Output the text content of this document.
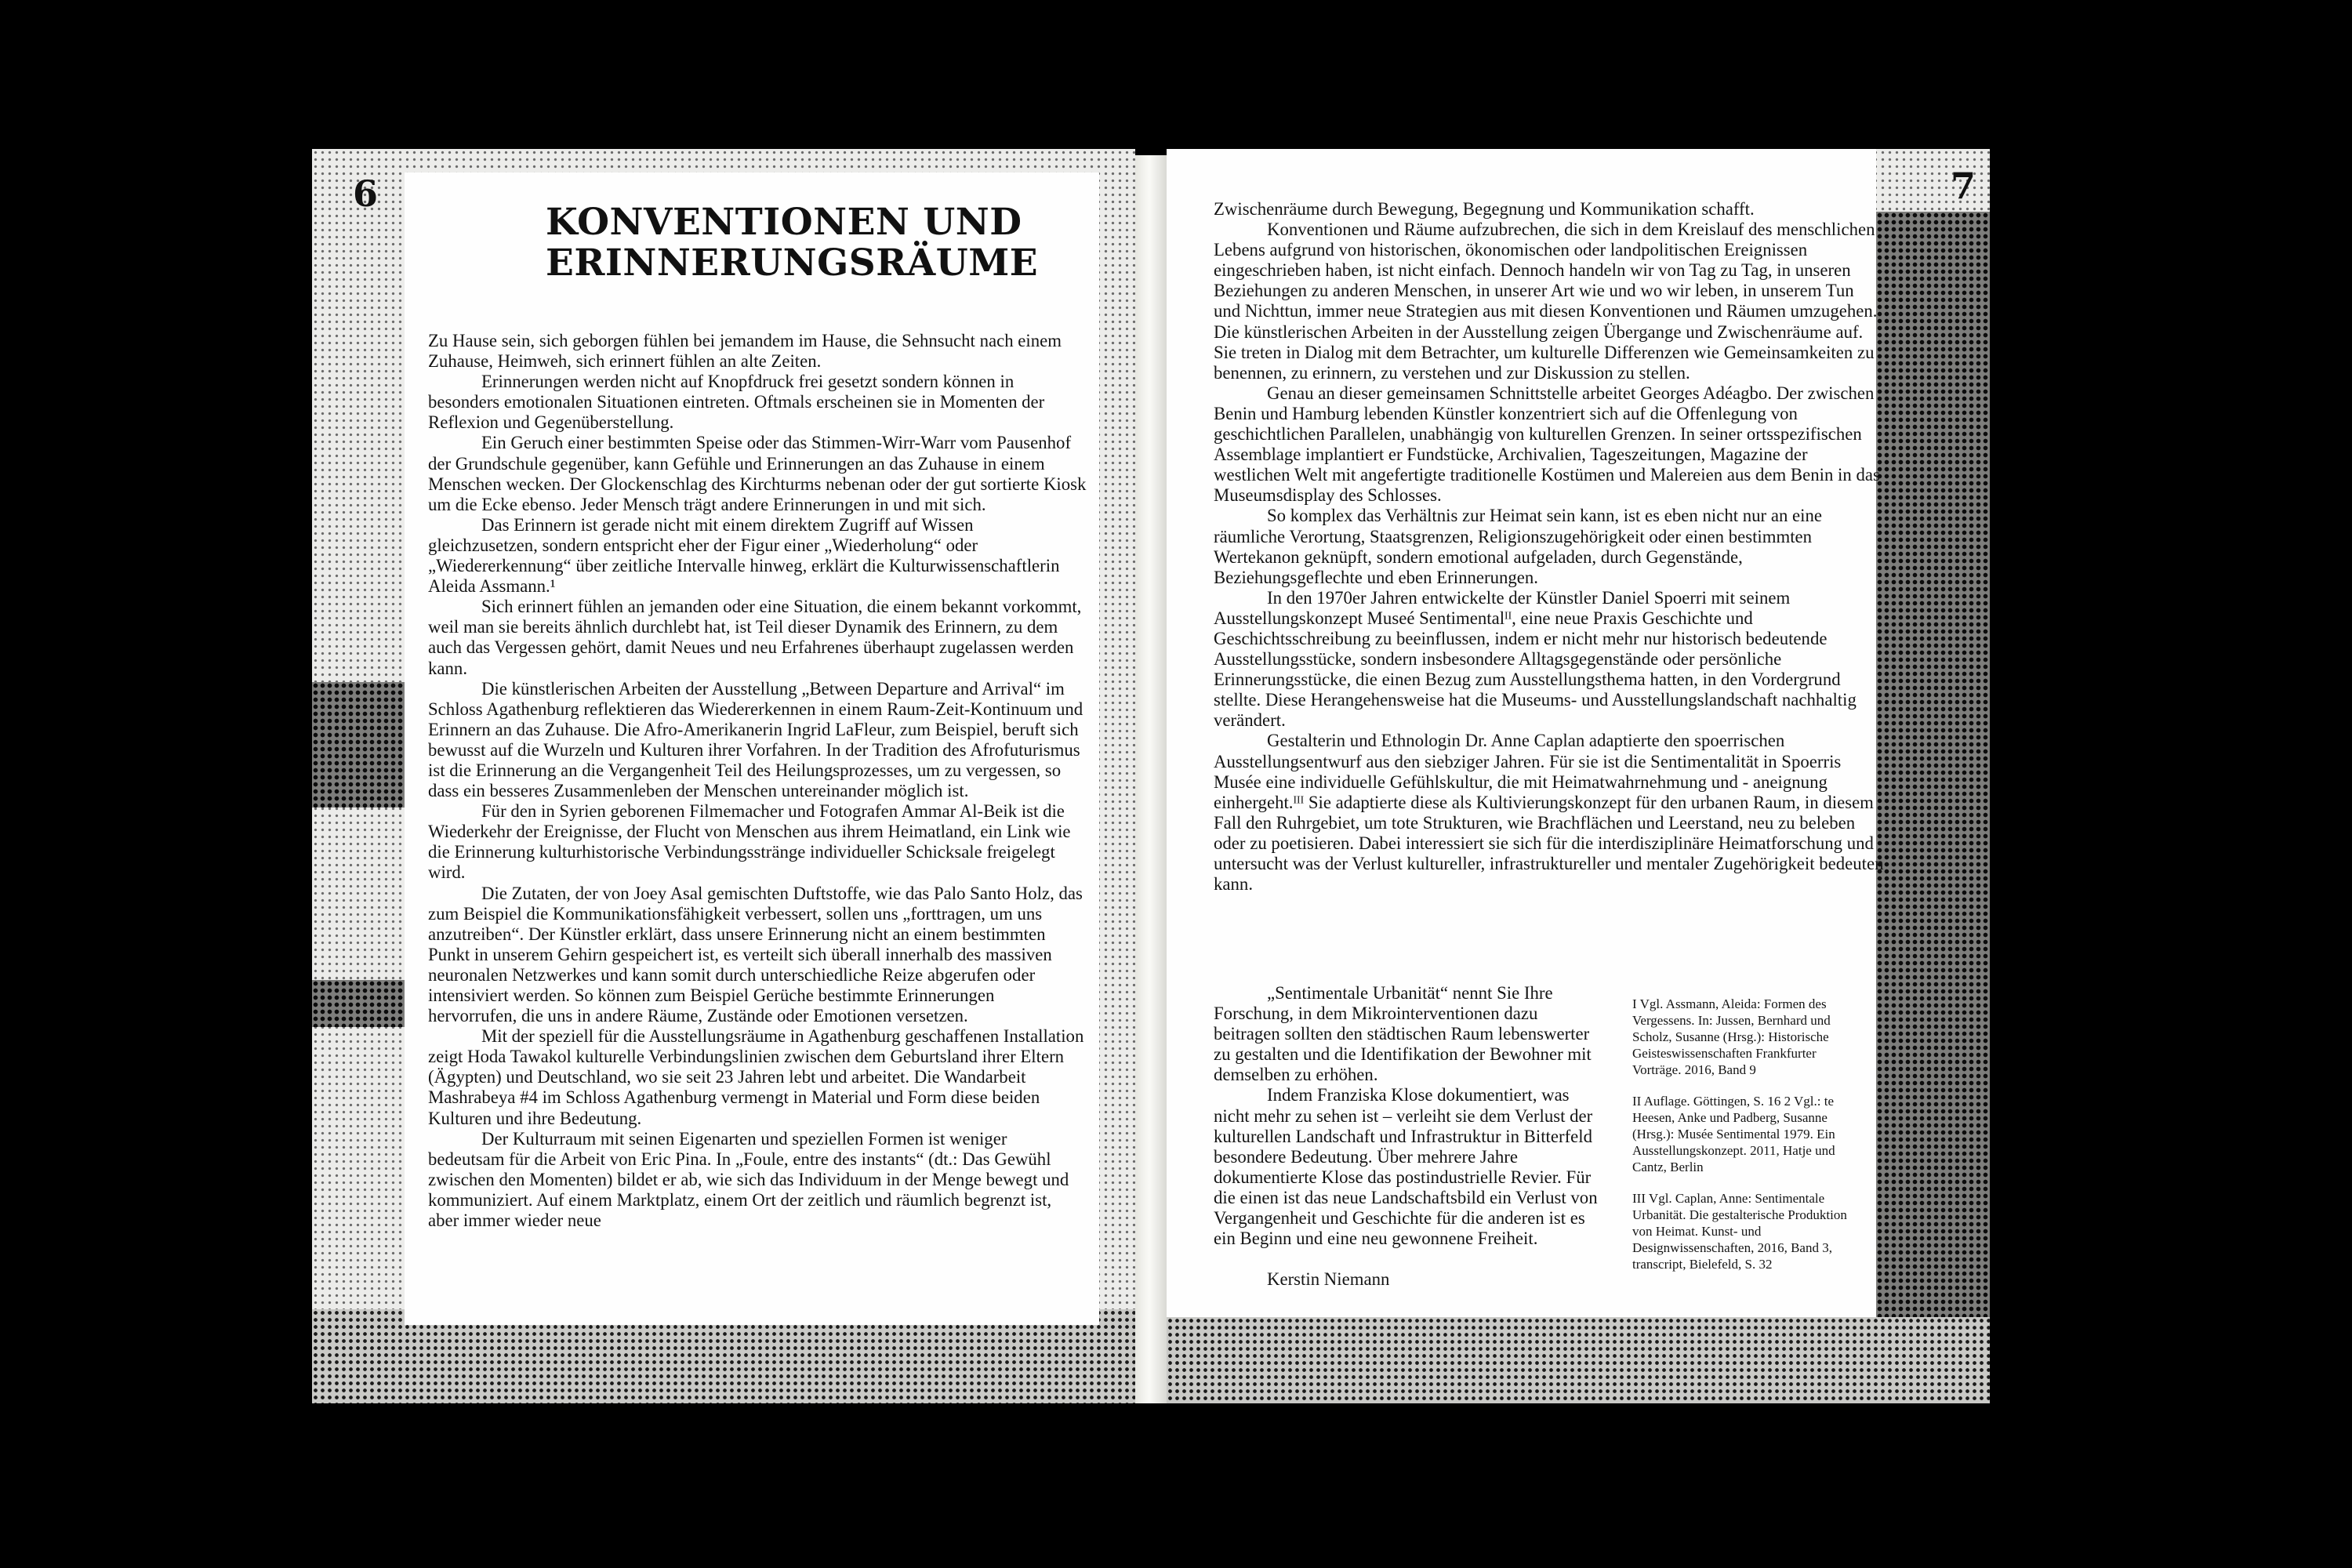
6
KONVENTIONEN UND
ERINNERUNGSRÄUME

Zu Hause sein, sich geborgen fühlen bei jemandem im Hause, die Sehnsucht nach einem Zuhause, Heimweh, sich erinnert fühlen an alte Zeiten.

Erinnerungen werden nicht auf Knopfdruck frei gesetzt sondern können in besonders emotionalen Situationen eintreten. Oftmals erscheinen sie in Momenten der Reflexion und Gegenüberstellung.

Ein Geruch einer bestimmten Speise oder das Stimmen-Wirr-Warr vom Pausenhof der Grundschule gegenüber, kann Gefühle und Erinnerungen an das Zuhause in einem Menschen wecken. Der Glockenschlag des Kirchturms nebenan oder der gut sortierte Kiosk um die Ecke ebenso. Jeder Mensch trägt andere Erinnerungen in und mit sich.

Das Erinnern ist gerade nicht mit einem direktem Zugriff auf Wissen gleichzusetzen, sondern entspricht eher der Figur einer „Wiederholung“ oder „Wiedererkennung“ über zeitliche Intervalle hinweg, erklärt die Kulturwissenschaftlerin Aleida Assmann.¹

Sich erinnert fühlen an jemanden oder eine Situation, die einem bekannt vorkommt, weil man sie bereits ähnlich durchlebt hat, ist Teil dieser Dynamik des Erinnern, zu dem auch das Vergessen gehört, damit Neues und neu Erfahrenes überhaupt zugelassen werden kann.

Die künstlerischen Arbeiten der Ausstellung „Between Departure and Arrival“ im Schloss Agathenburg reflektieren das Wiedererkennen in einem Raum-Zeit-Kontinuum und Erinnern an das Zuhause. Die Afro-Amerikanerin Ingrid LaFleur, zum Beispiel, beruft sich bewusst auf die Wurzeln und Kulturen ihrer Vorfahren. In der Tradition des Afrofuturismus ist die Erinnerung an die Vergangenheit Teil des Heilungsprozesses, um zu vergessen, so dass ein besseres Zusammenleben der Menschen untereinander möglich ist.

Für den in Syrien geborenen Filmemacher und Fotografen Ammar Al-Beik ist die Wiederkehr der Ereignisse, der Flucht von Menschen aus ihrem Heimatland, ein Link wie die Erinnerung kulturhistorische Verbindungsstränge individueller Schicksale freigelegt wird.

Die Zutaten, der von Joey Asal gemischten Duftstoffe, wie das Palo Santo Holz, das zum Beispiel die Kommunikationsfähigkeit verbessert, sollen uns „forttragen, um uns anzutreiben“. Der Künstler erklärt, dass unsere Erinnerung nicht an einem bestimmten Punkt in unserem Gehirn gespeichert ist, es verteilt sich überall innerhalb des massiven neuronalen Netzwerkes und kann somit durch unterschiedliche Reize abgerufen oder intensiviert werden. So können zum Beispiel Gerüche bestimmte Erinnerungen hervorrufen, die uns in andere Räume, Zustände oder Emotionen versetzen.

Mit der speziell für die Ausstellungsräume in Agathenburg geschaffenen Installation zeigt Hoda Tawakol kulturelle Verbindungslinien zwischen dem Geburtsland ihrer Eltern (Ägypten) und Deutschland, wo sie seit 23 Jahren lebt und arbeitet. Die Wandarbeit Mashrabeya #4 im Schloss Agathenburg vermengt in Material und Form diese beiden Kulturen und ihre Bedeutung.

Der Kulturraum mit seinen Eigenarten und speziellen Formen ist weniger bedeutsam für die Arbeit von Eric Pina. In „Foule, entre des instants“ (dt.: Das Gewühl zwischen den Momenten) bildet er ab, wie sich das Individuum in der Menge bewegt und kommuniziert. Auf einem Marktplatz, einem Ort der zeitlich und räumlich begrenzt ist, aber immer wieder neue

7

Zwischenräume durch Bewegung, Begegnung und Kommunikation schafft.

Konventionen und Räume aufzubrechen, die sich in dem Kreislauf des menschlichen Lebens aufgrund von historischen, ökonomischen oder landpolitischen Ereignissen eingeschrieben haben, ist nicht einfach. Dennoch handeln wir von Tag zu Tag, in unseren Beziehungen zu anderen Menschen, in unserer Art wie und wo wir leben, in unserem Tun und Nichttun, immer neue Strategien aus mit diesen Konventionen und Räumen umzugehen. Die künstlerischen Arbeiten in der Ausstellung zeigen Übergange und Zwischenräume auf. Sie treten in Dialog mit dem Betrachter, um kulturelle Differenzen wie Gemeinsamkeiten zu benennen, zu erinnern, zu verstehen und zur Diskussion zu stellen.

Genau an dieser gemeinsamen Schnittstelle arbeitet Georges Adéagbo. Der zwischen Benin und Hamburg lebenden Künstler konzentriert sich auf die Offenlegung von geschichtlichen Parallelen, unabhängig von kulturellen Grenzen. In seiner ortsspezifischen Assemblage implantiert er Fundstücke, Archivalien, Tageszeitungen, Magazine der westlichen Welt mit angefertigte traditionelle Kostümen und Malereien aus dem Benin in das Museumsdisplay des Schlosses.

So komplex das Verhältnis zur Heimat sein kann, ist es eben nicht nur an eine räumliche Verortung, Staatsgrenzen, Religionszugehörigkeit oder einen bestimmten Wertekanon geknüpft, sondern emotional aufgeladen, durch Gegenstände, Beziehungsgeflechte und eben Erinnerungen.

In den 1970er Jahren entwickelte der Künstler Daniel Spoerri mit seinem Ausstellungskonzept Museé Sentimentalᴵᴵ, eine neue Praxis Geschichte und Geschichtsschreibung zu beeinflussen, indem er nicht mehr nur historisch bedeutende Ausstellungsstücke, sondern insbesondere Alltagsgegenstände oder persönliche Erinnerungsstücke, die einen Bezug zum Ausstellungsthema hatten, in den Vordergrund stellte. Diese Herangehensweise hat die Museums- und Ausstellungslandschaft nachhaltig verändert.

Gestalterin und Ethnologin Dr. Anne Caplan adaptierte den spoerrischen Ausstellungsentwurf aus den siebziger Jahren. Für sie ist die Sentimentalität in Spoerris Musée eine individuelle Gefühlskultur, die mit Heimatwahrnehmung und - aneignung einhergeht.ᴵᴵᴵ Sie adaptierte diese als Kultivierungskonzept für den urbanen Raum, in diesem Fall den Ruhrgebiet, um tote Strukturen, wie Brachflächen und Leerstand, neu zu beleben oder zu poetisieren. Dabei interessiert sie sich für die interdisziplinäre Heimatforschung und untersucht was der Verlust kultureller, infrastruktureller und mentaler Zugehörigkeit bedeuten kann.

„Sentimentale Urbanität“ nennt Sie Ihre Forschung, in dem Mikrointerventionen dazu beitragen sollten den städtischen Raum lebenswerter zu gestalten und die Identifikation der Bewohner mit demselben zu erhöhen.

Indem Franziska Klose dokumentiert, was nicht mehr zu sehen ist – verleiht sie dem Verlust der kulturellen Landschaft und Infrastruktur in Bitterfeld besondere Bedeutung. Über mehrere Jahre dokumentierte Klose das postindustrielle Revier. Für die einen ist das neue Landschaftsbild ein Verlust von Vergangenheit und Geschichte für die anderen ist es ein Beginn und eine neu gewonnene Freiheit.

Kerstin Niemann

I Vgl. Assmann, Aleida: Formen des Vergessens. In: Jussen, Bernhard und Scholz, Susanne (Hrsg.): Historische Geisteswissenschaften Frankfurter Vorträge. 2016, Band 9

II Auflage. Göttingen, S. 16 2 Vgl.: te Heesen, Anke und Padberg, Susanne (Hrsg.): Musée Sentimental 1979. Ein Ausstellungskonzept. 2011, Hatje und Cantz, Berlin

III Vgl. Caplan, Anne: Sentimentale Urbanität. Die gestalterische Produktion von Heimat. Kunst- und Designwissenschaften, 2016, Band 3, transcript, Bielefeld, S. 32
